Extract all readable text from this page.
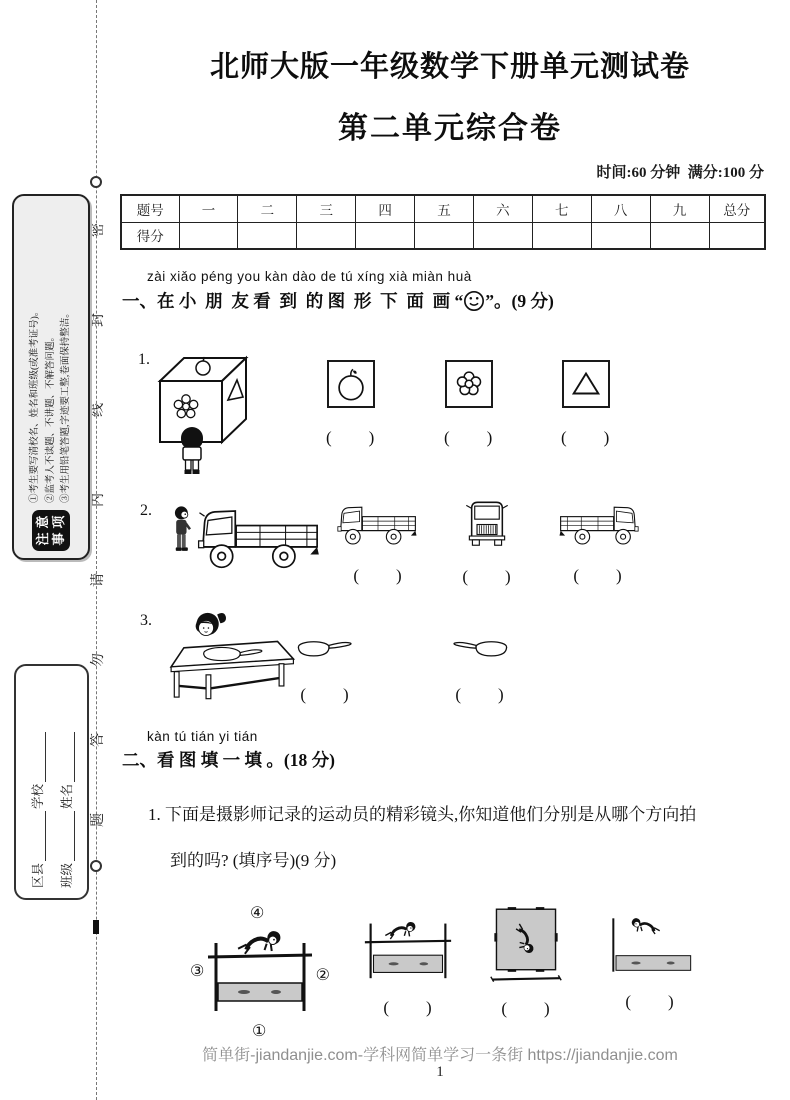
密
封
线
内
请
勿
答
题
注
意
事
项
①考生要写清校名、姓名和班级(或准考证号)。 ②监考人不读题、不讲题、不解答问题。 ③考生用铅笔答题,字迹要工整,卷面保持整洁。
区县
学校
班级
姓名
北师大版一年级数学下册单元测试卷
第二单元综合卷
时间:60 分钟  满分:100 分
题号	一	二	三	四	五	六	七	八	九	总分
得分										
zài xiǎo péng you kàn dào de tú xíng xià miàn huà
一、在 小  朋  友 看  到  的 图  形  下  面  画 “ ”。(9 分)
1.
(　　)	(　　)	(　　)
2.
(　　)	(　　)	(　　)
3.
(　　)	(　　)
kàn tú tián yi tián
二、看 图 填 一 填 。(18 分)
1. 下面是摄影师记录的运动员的精彩镜头,你知道他们分别是从哪个方向拍
到的吗? (填序号)(9 分)
④
③	②
①
(　　)	(　　)	(　　)
简单街-jiandanjie.com-学科网简单学习一条街 https://jiandanjie.com
1
